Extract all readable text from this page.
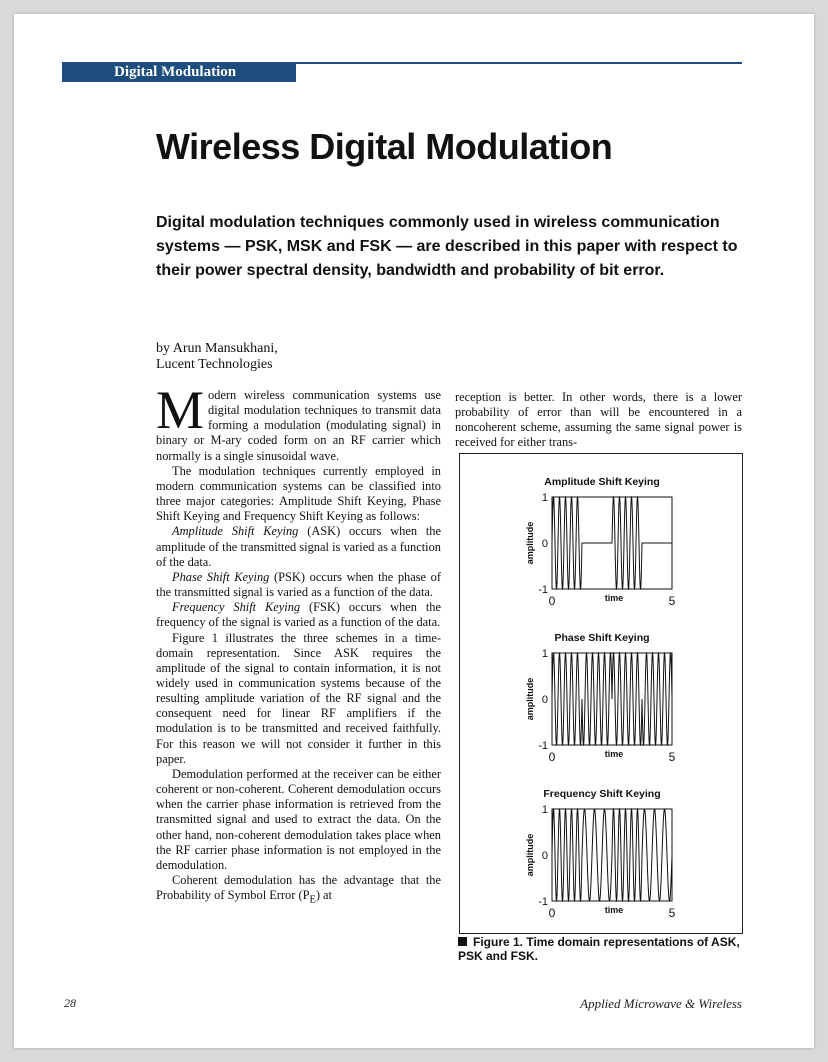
Digital Modulation
Wireless Digital Modulation

Digital modulation techniques commonly used in wireless communication systems — PSK, MSK and FSK — are described in this paper with respect to their power spectral density, bandwidth and probability of bit error.

by Arun Mansukhani,
Lucent Technologies

Modern wireless communication systems use digital modulation techniques to transmit data forming a modulation (modulating signal) in binary or M-ary coded form on an RF carrier which normally is a single sinusoidal wave.

The modulation techniques currently employed in modern communication systems can be classified into three major categories: Amplitude Shift Keying, Phase Shift Keying and Frequency Shift Keying as follows:

Amplitude Shift Keying (ASK) occurs when the amplitude of the transmitted signal is varied as a function of the data.

Phase Shift Keying (PSK) occurs when the phase of the transmitted signal is varied as a function of the data.

Frequency Shift Keying (FSK) occurs when the frequency of the signal is varied as a function of the data.

Figure 1 illustrates the three schemes in a time-domain representation. Since ASK requires the amplitude of the signal to contain information, it is not widely used in communication systems because of the resulting amplitude variation of the RF signal and the consequent need for linear RF amplifiers if the modulation is to be transmitted and received faithfully. For this reason we will not consider it further in this paper.

Demodulation performed at the receiver can be either coherent or non-coherent. Coherent demodulation occurs when the carrier phase information is retrieved from the transmitted signal and used to extract the data. On the other hand, non-coherent demodulation takes place when the RF carrier phase information is not employed in the demodulation.

Coherent demodulation has the advantage that the Probability of Symbol Error $(P_E)$ at

reception is better. In other words, there is a lower probability of error than will be encountered in a noncoherent scheme, assuming the same signal power is received for either trans-

Amplitude Shift Keying
1
0
-1
0	5
time
amplitude
Phase Shift Keying
1
0
-1
0	5
time
amplitude
Frequency Shift Keying
1
0
-1
0	5
time
amplitude

Figure 1. Time domain representations of ASK, PSK and FSK.

28	Applied Microwave & Wireless
